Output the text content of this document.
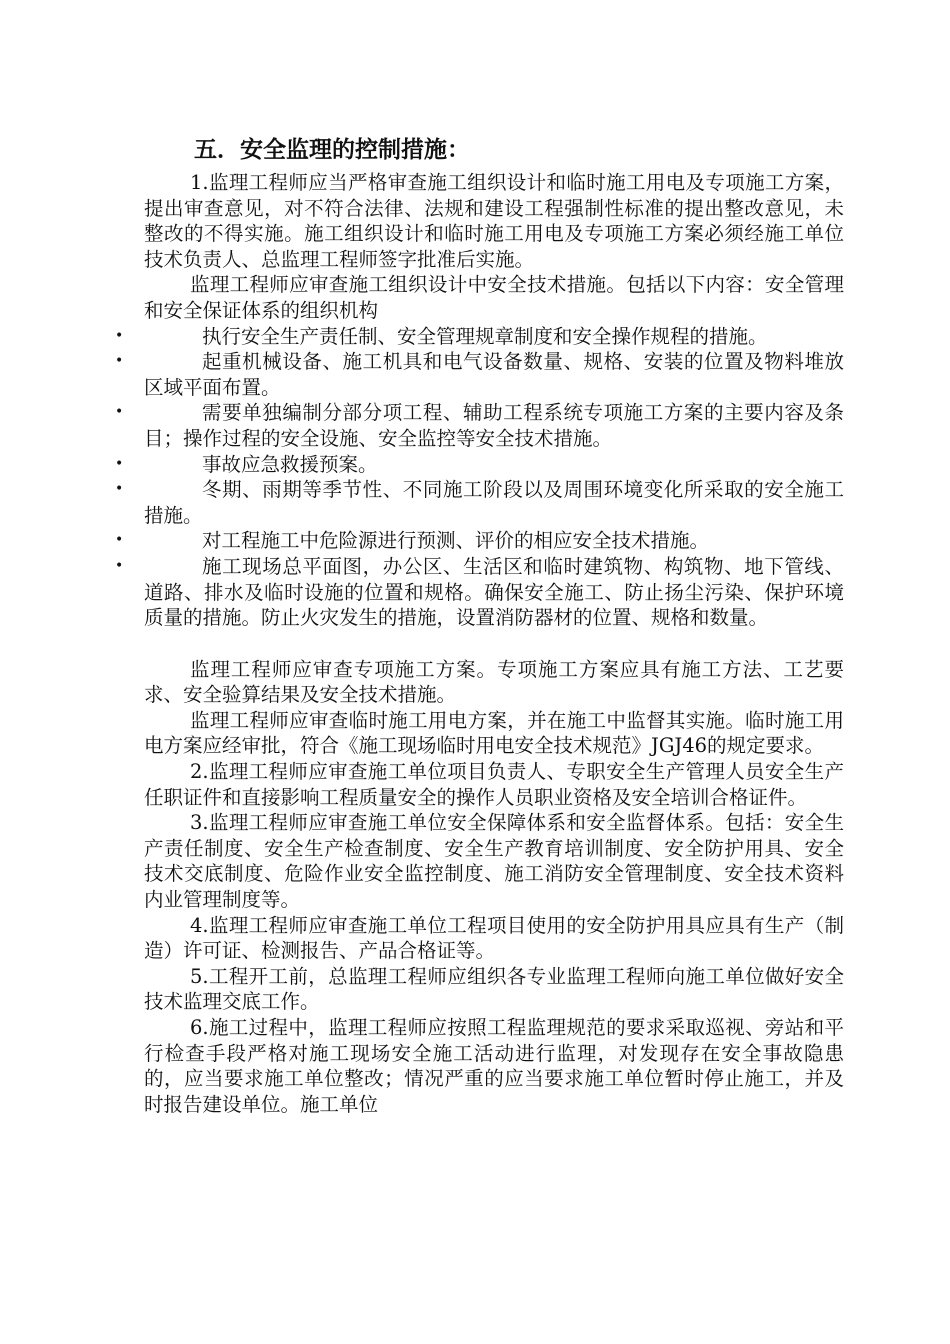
五．安全监理的控制措施：

1.监理工程师应当严格审查施工组织设计和临时施工用电及专项施工方案，提出审查意见，对不符合法律、法规和建设工程强制性标准的提出整改意见，未整改的不得实施。施工组织设计和临时施工用电及专项施工方案必须经施工单位技术负责人、总监理工程师签字批准后实施。

监理工程师应审查施工组织设计中安全技术措施。包括以下内容：安全管理和安全保证体系的组织机构

•	执行安全生产责任制、安全管理规章制度和安全操作规程的措施。
•	起重机械设备、施工机具和电气设备数量、规格、安装的位置及物料堆放区域平面布置。
•	需要单独编制分部分项工程、辅助工程系统专项施工方案的主要内容及条目；操作过程的安全设施、安全监控等安全技术措施。
•	事故应急救援预案。
•	冬期、雨期等季节性、不同施工阶段以及周围环境变化所采取的安全施工措施。
•	对工程施工中危险源进行预测、评价的相应安全技术措施。
•	施工现场总平面图，办公区、生活区和临时建筑物、构筑物、地下管线、道路、排水及临时设施的位置和规格。确保安全施工、防止扬尘污染、保护环境质量的措施。防止火灾发生的措施，设置消防器材的位置、规格和数量。

监理工程师应审查专项施工方案。专项施工方案应具有施工方法、工艺要求、安全验算结果及安全技术措施。

监理工程师应审查临时施工用电方案，并在施工中监督其实施。临时施工用电方案应经审批，符合《施工现场临时用电安全技术规范》JGJ46的规定要求。

2.监理工程师应审查施工单位项目负责人、专职安全生产管理人员安全生产任职证件和直接影响工程质量安全的操作人员职业资格及安全培训合格证件。

3.监理工程师应审查施工单位安全保障体系和安全监督体系。包括：安全生产责任制度、安全生产检查制度、安全生产教育培训制度、安全防护用具、安全技术交底制度、危险作业安全监控制度、施工消防安全管理制度、安全技术资料内业管理制度等。

4.监理工程师应审查施工单位工程项目使用的安全防护用具应具有生产（制造）许可证、检测报告、产品合格证等。

5.工程开工前，总监理工程师应组织各专业监理工程师向施工单位做好安全技术监理交底工作。

6.施工过程中，监理工程师应按照工程监理规范的要求采取巡视、旁站和平行检查手段严格对施工现场安全施工活动进行监理，对发现存在安全事故隐患的，应当要求施工单位整改；情况严重的应当要求施工单位暂时停止施工，并及时报告建设单位。施工单位
